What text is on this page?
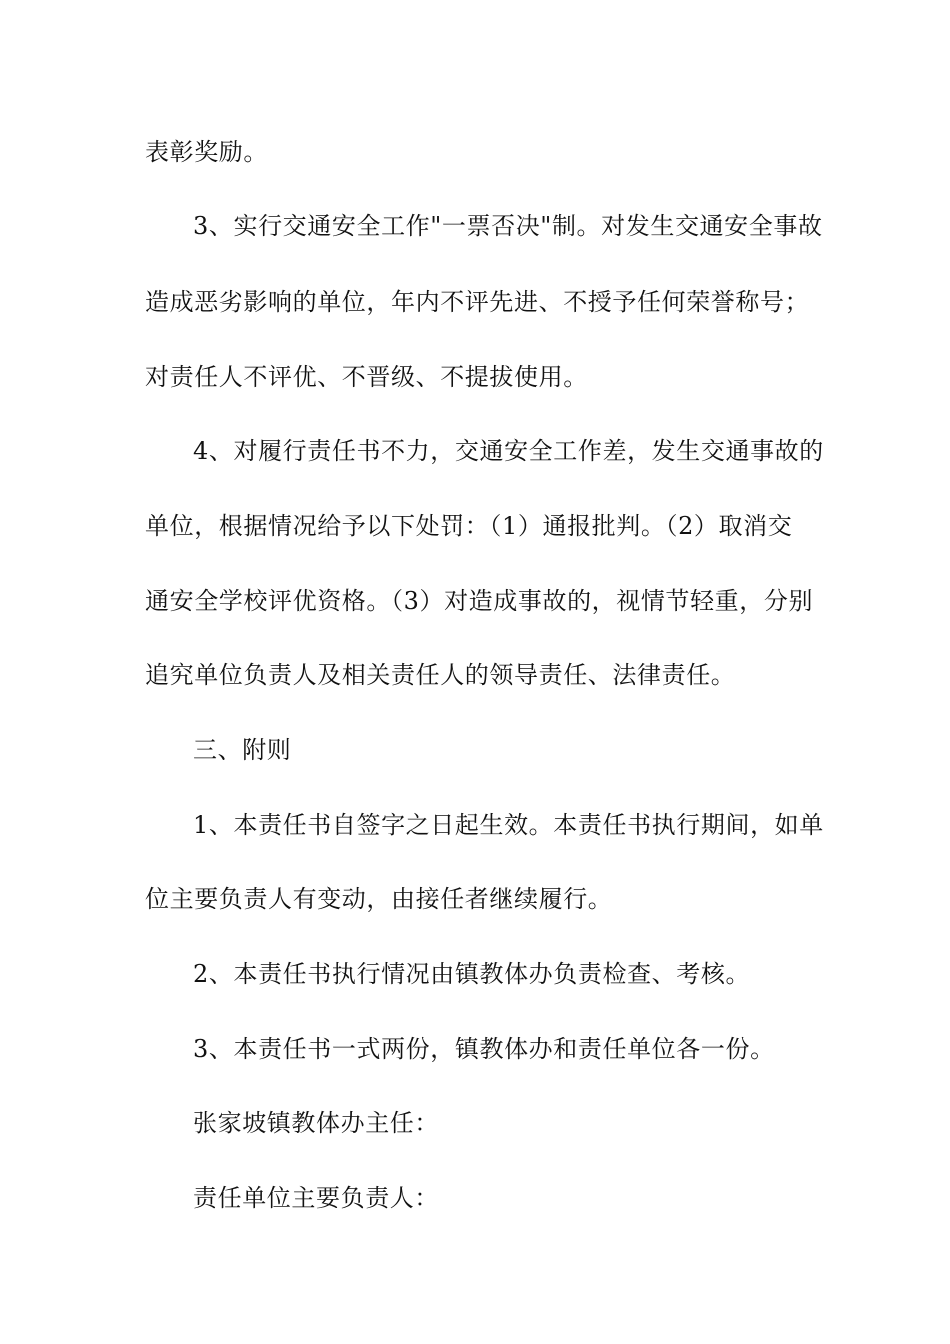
表彰奖励。
3、实行交通安全工作"一票否决"制。对发生交通安全事故
造成恶劣影响的单位，年内不评先进、不授予任何荣誉称号；
对责任人不评优、不晋级、不提拔使用。
4、对履行责任书不力，交通安全工作差，发生交通事故的
单位，根据情况给予以下处罚：（1）通报批判。（2）取消交
通安全学校评优资格。（3）对造成事故的，视情节轻重，分别
追究单位负责人及相关责任人的领导责任、法律责任。
三、附则
1、本责任书自签字之日起生效。本责任书执行期间，如单
位主要负责人有变动，由接任者继续履行。
2、本责任书执行情况由镇教体办负责检查、考核。
3、本责任书一式两份，镇教体办和责任单位各一份。
张家坡镇教体办主任：
责任单位主要负责人：
